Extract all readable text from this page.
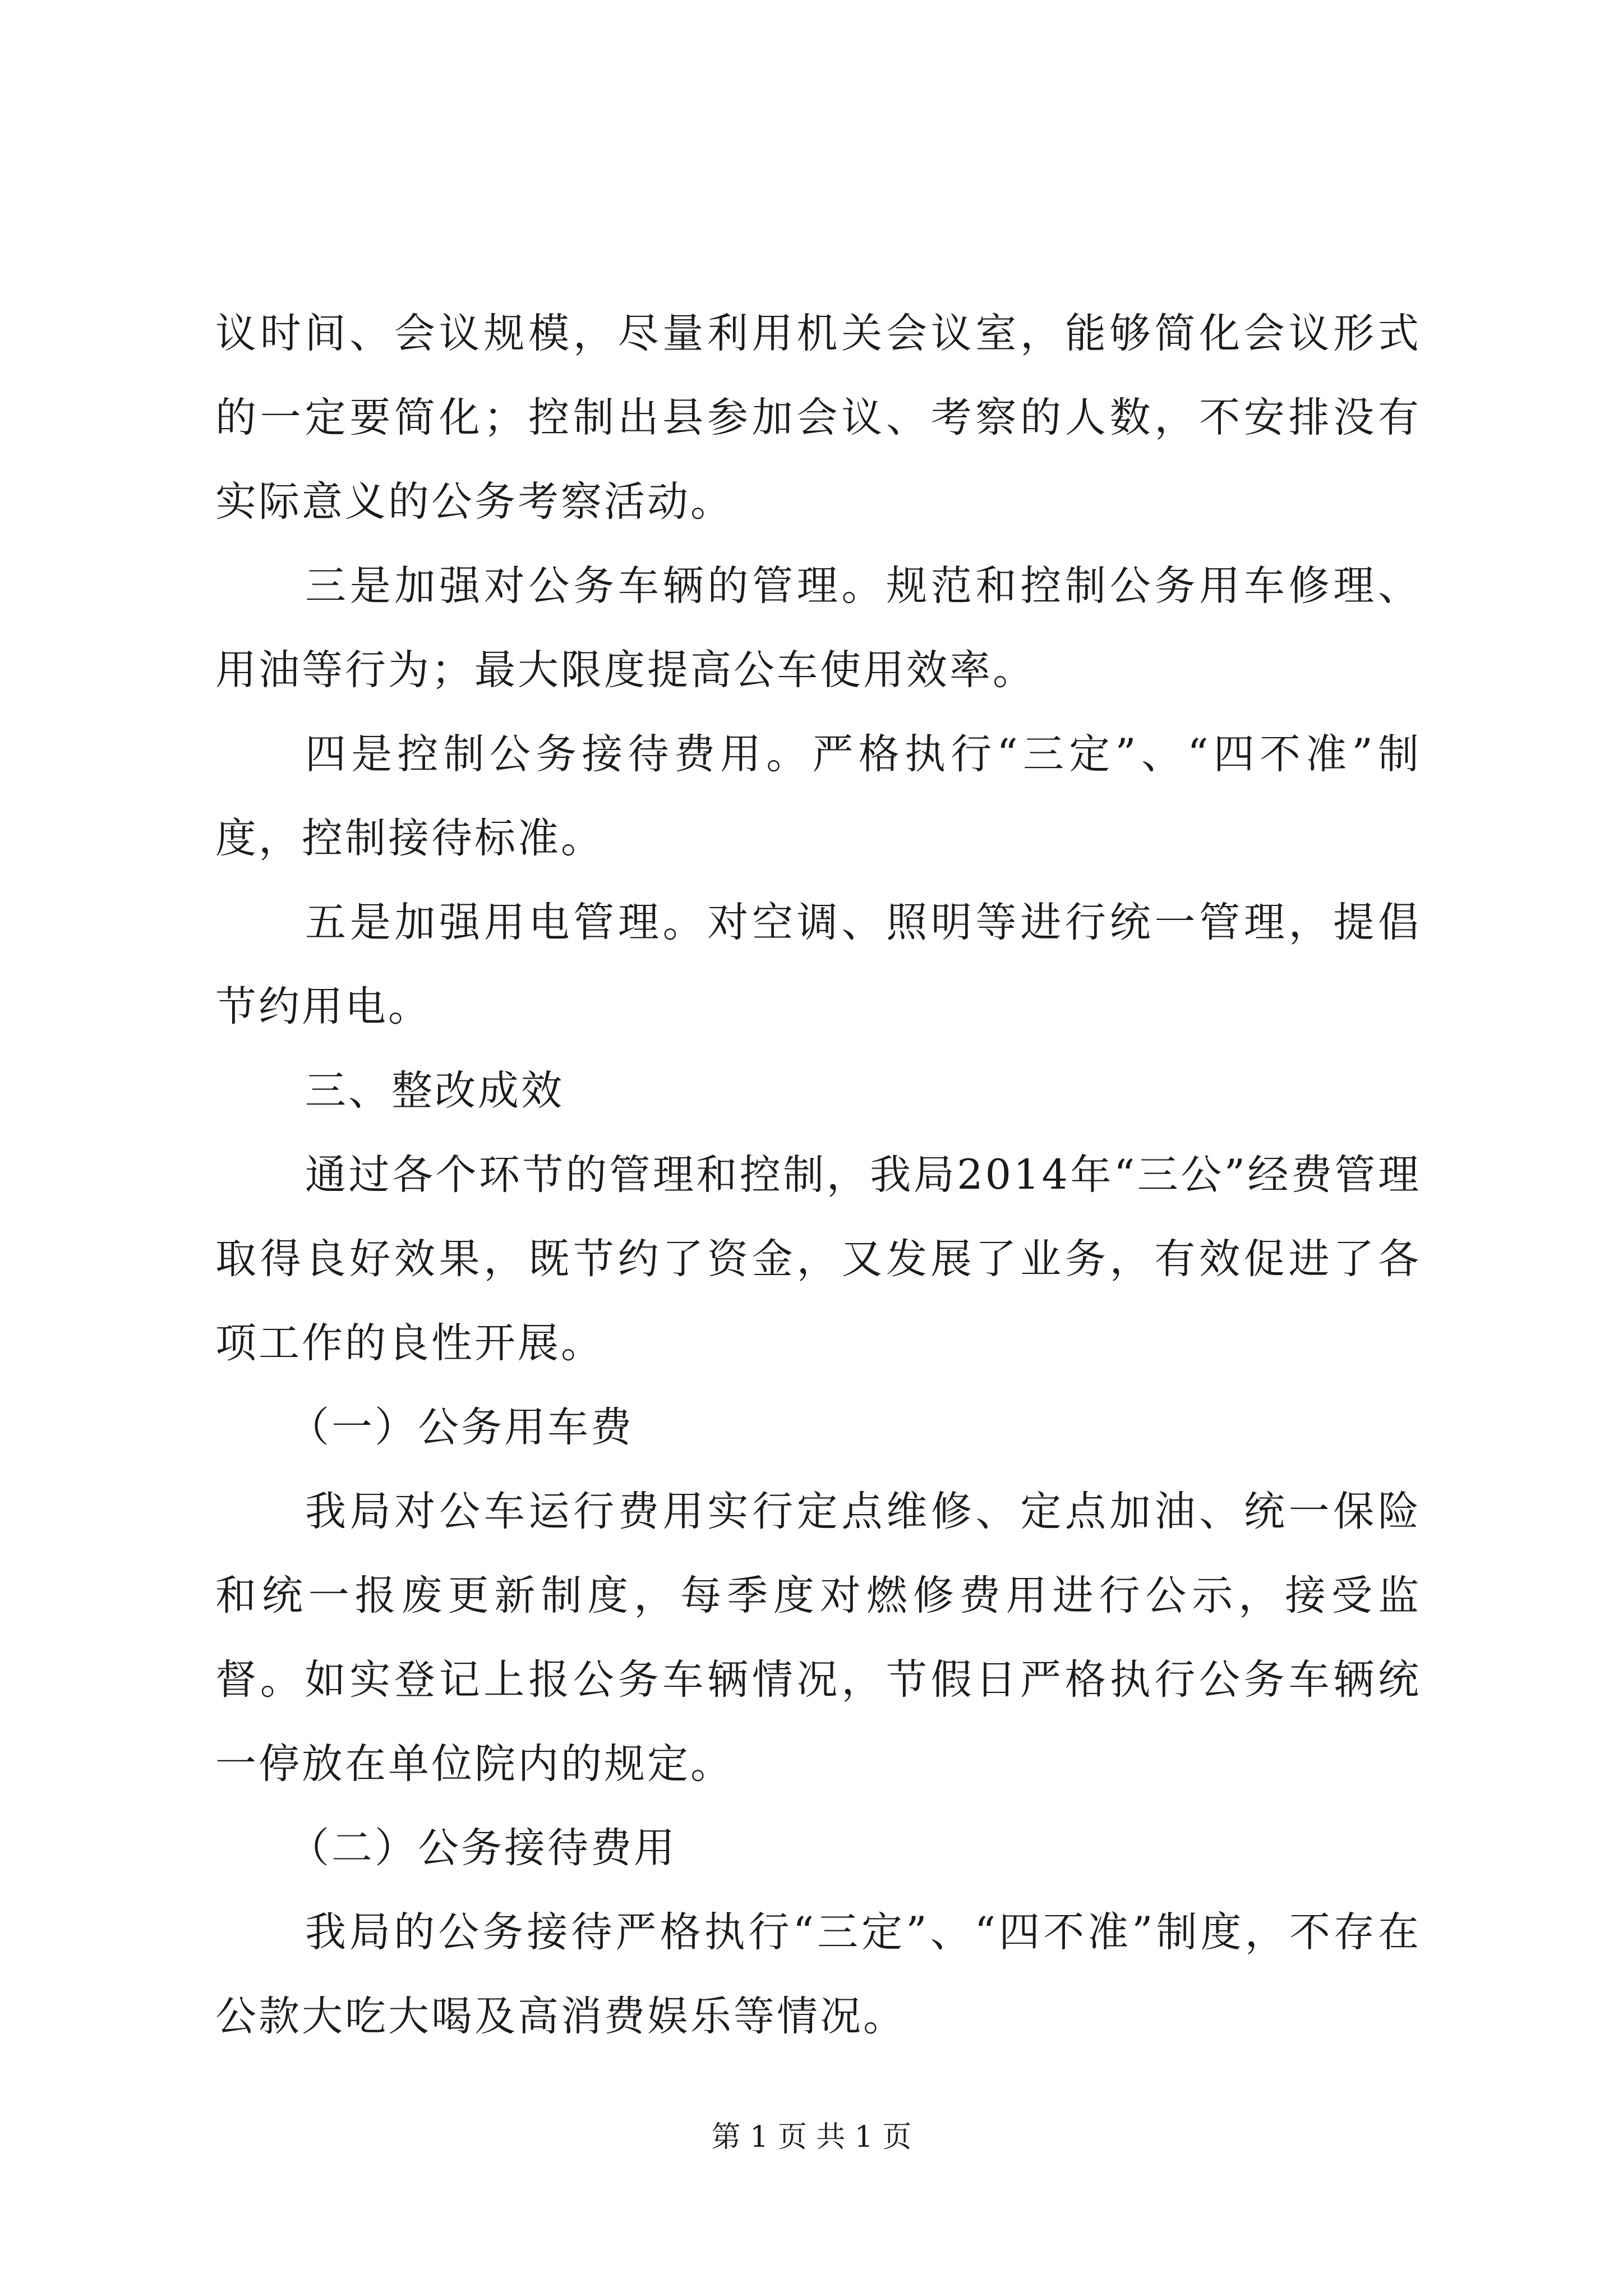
议时间、会议规模，尽量利用机关会议室，能够简化会议形式的一定要简化；控制出县参加会议、考察的人数，不安排没有实际意义的公务考察活动。

三是加强对公务车辆的管理。规范和控制公务用车修理、用油等行为；最大限度提高公车使用效率。

四是控制公务接待费用。严格执行“三定”、“四不准”制度，控制接待标准。

五是加强用电管理。对空调、照明等进行统一管理，提倡节约用电。

三、整改成效

通过各个环节的管理和控制，我局2014年“三公”经费管理取得良好效果，既节约了资金，又发展了业务，有效促进了各项工作的良性开展。

（一）公务用车费

我局对公车运行费用实行定点维修、定点加油、统一保险和统一报废更新制度，每季度对燃修费用进行公示，接受监督。如实登记上报公务车辆情况，节假日严格执行公务车辆统一停放在单位院内的规定。

（二）公务接待费用

我局的公务接待严格执行“三定”、“四不准”制度，不存在公款大吃大喝及高消费娱乐等情况。

第 1 页 共 1 页
